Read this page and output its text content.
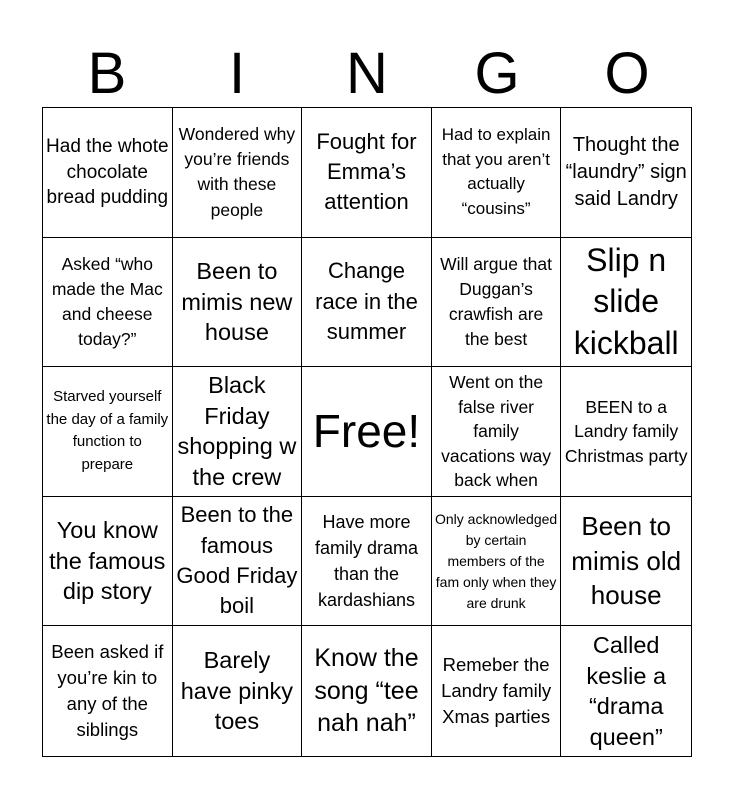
B	I	N	G	O
Had the whote chocolate bread pudding
Wondered why you’re friends with these people
Fought for Emma’s attention
Had to explain that you aren’t actually “cousins”
Thought the “laundry” sign said Landry
Asked “who made the Mac and cheese today?”
Been to mimis new house
Change race in the summer
Will argue that Duggan’s crawfish are the best
Slip n slide kickball
Starved yourself the day of a family function to prepare
Black Friday shopping w the crew
Free!
Went on the false river family vacations way back when
BEEN to a Landry family Christmas party
You know the famous dip story
Been to the famous Good Friday boil
Have more family drama than the kardashians
Only acknowledged by certain members of the fam only when they are drunk
Been to mimis old house
Been asked if you’re kin to any of the siblings
Barely have pinky toes
Know the song “tee nah nah”
Remeber the Landry family Xmas parties
Called keslie a “drama queen”
